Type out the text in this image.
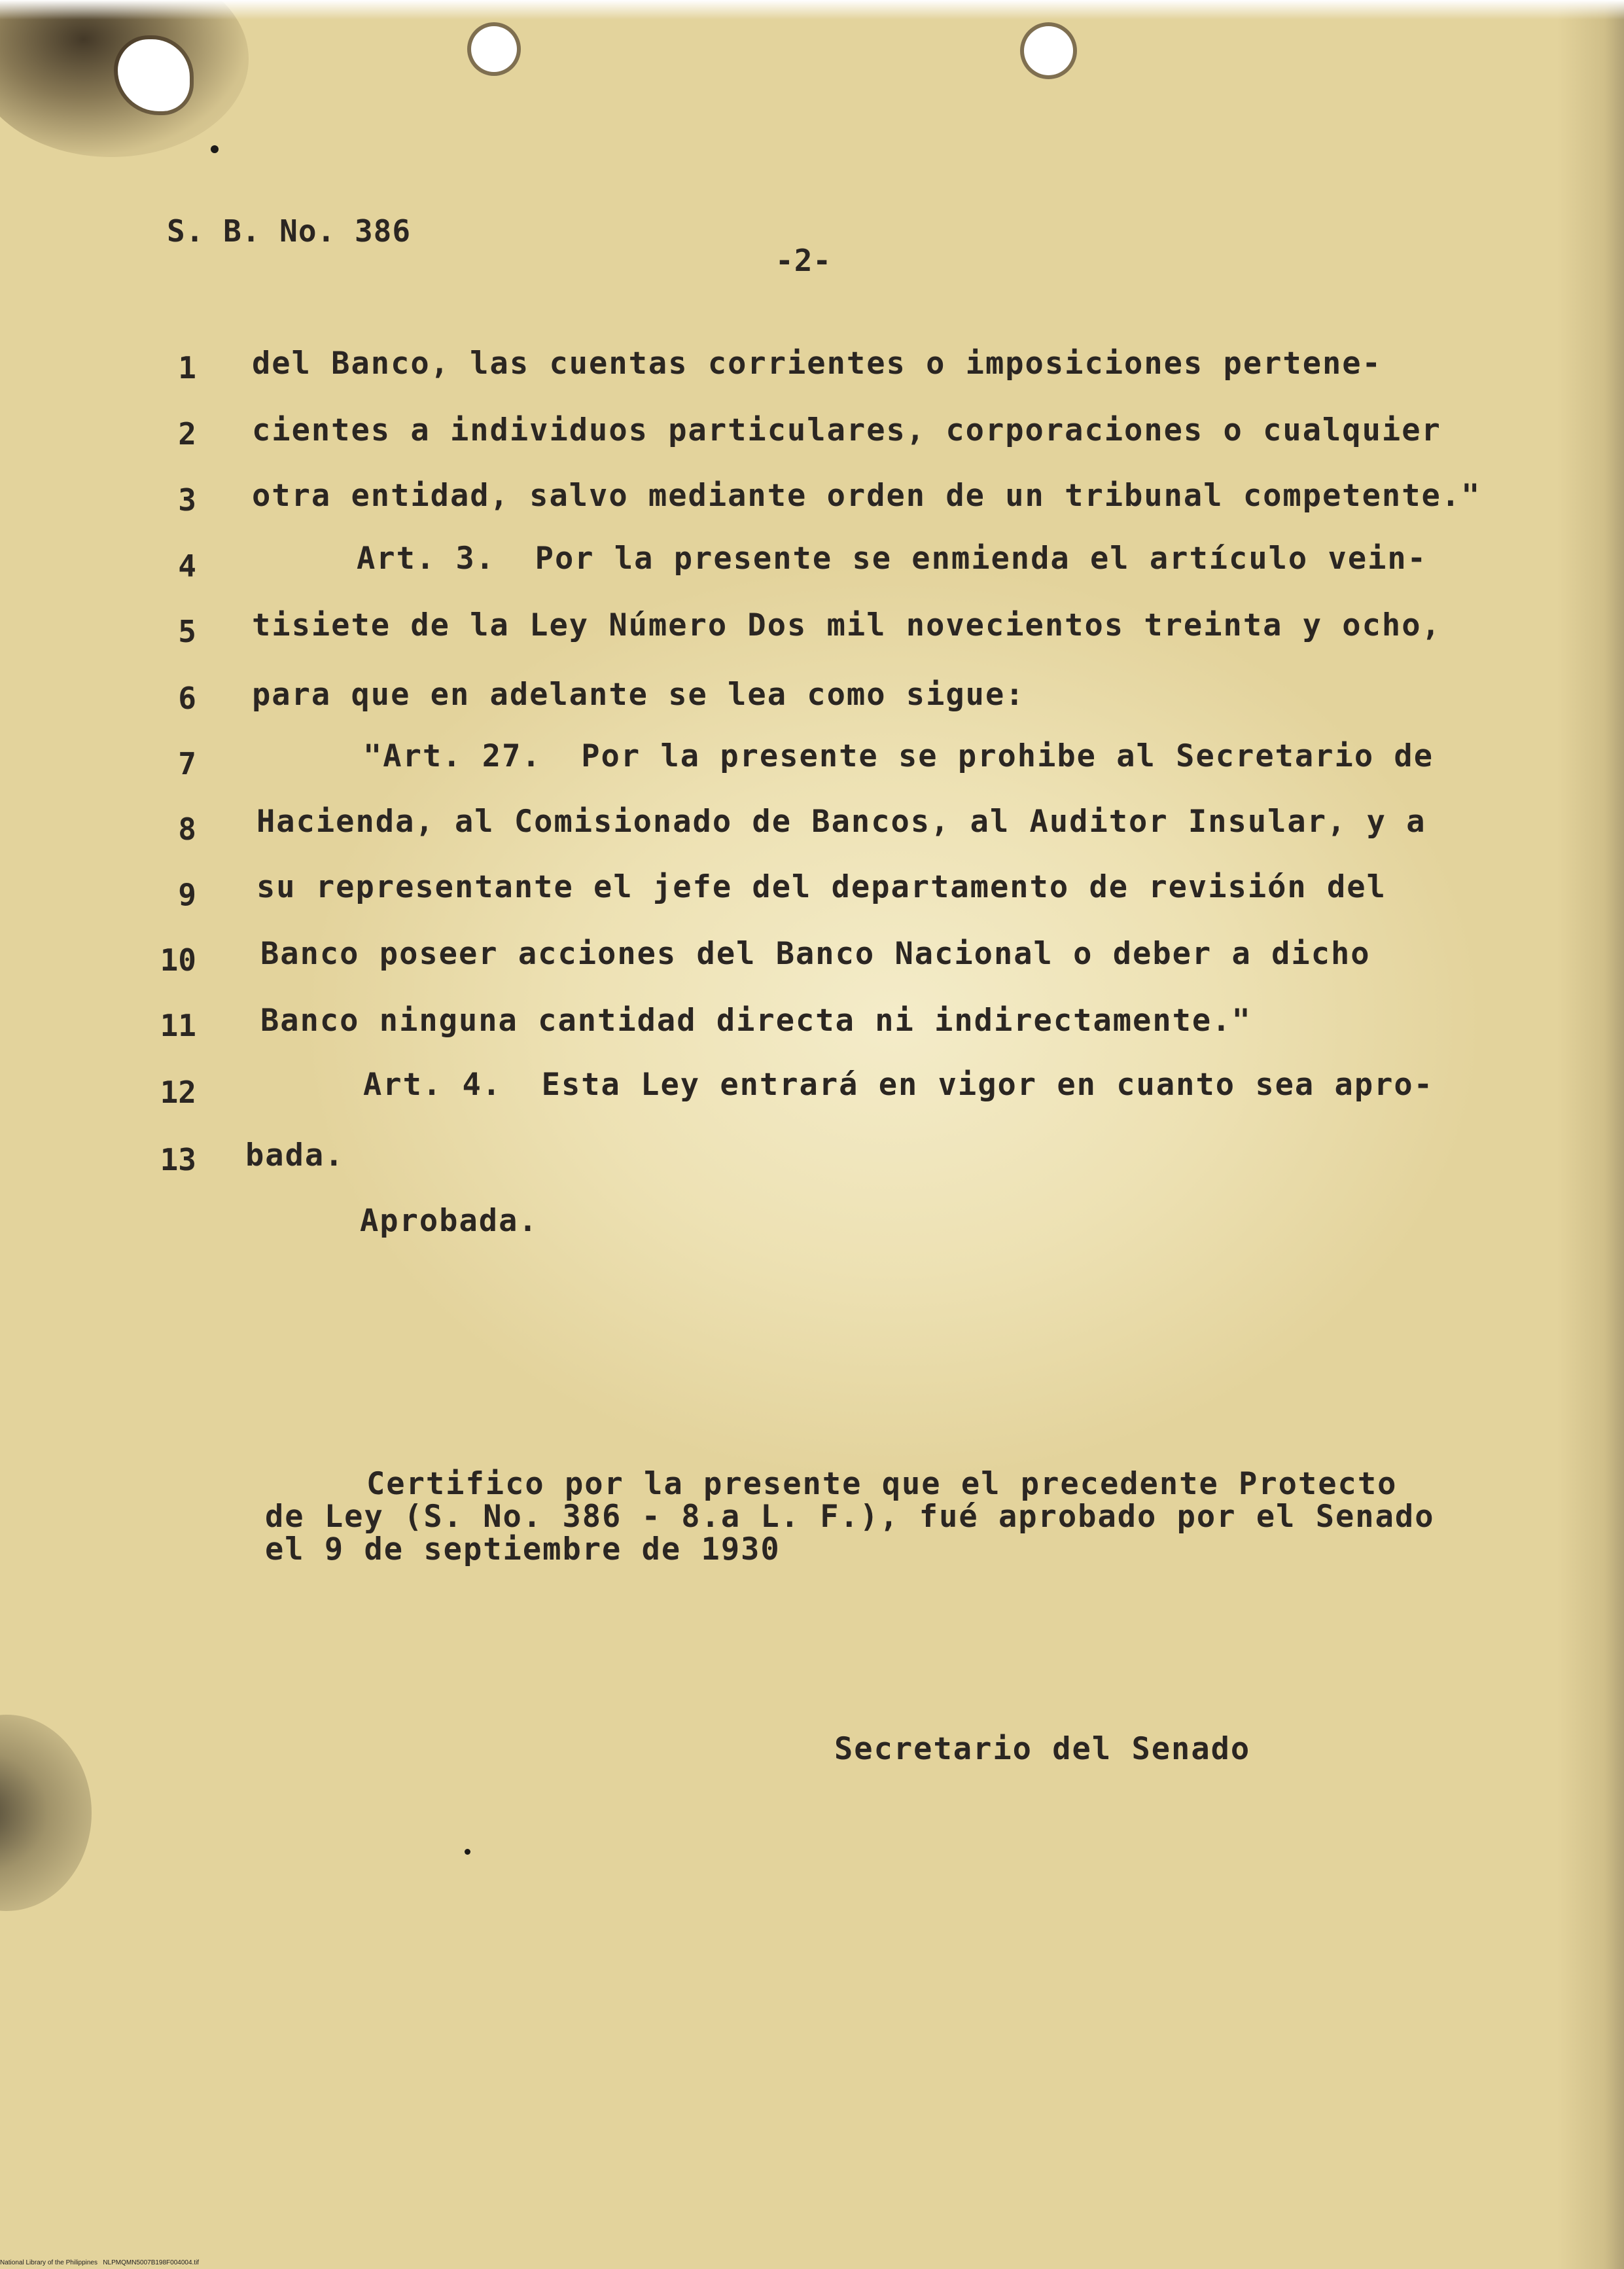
S. B. No. 386
-2-
1 del Banco, las cuentas corrientes o imposiciones pertene-
2 cientes a individuos particulares, corporaciones o cualquier
3 otra entidad, salvo mediante orden de un tribunal competente."
4	Art. 3.  Por la presente se enmienda el artículo vein-
5 tisiete de la Ley Número Dos mil novecientos treinta y ocho,
6 para que en adelante se lea como sigue:
7	"Art. 27.  Por la presente se prohibe al Secretario de
8 Hacienda, al Comisionado de Bancos, al Auditor Insular, y a
9 su representante el jefe del departamento de revisión del
10 Banco poseer acciones del Banco Nacional o deber a dicho
11 Banco ninguna cantidad directa ni indirectamente."
12	Art. 4.  Esta Ley entrará en vigor en cuanto sea apro-
13 bada.
Aprobada.
Certifico por la presente que el precedente Protecto
de Ley (S. No. 386 - 8.a L. F.), fué aprobado por el Senado
el 9 de septiembre de 1930
Secretario del Senado
National Library of the Philippines NLPMQMN5007B198F004004.tif
